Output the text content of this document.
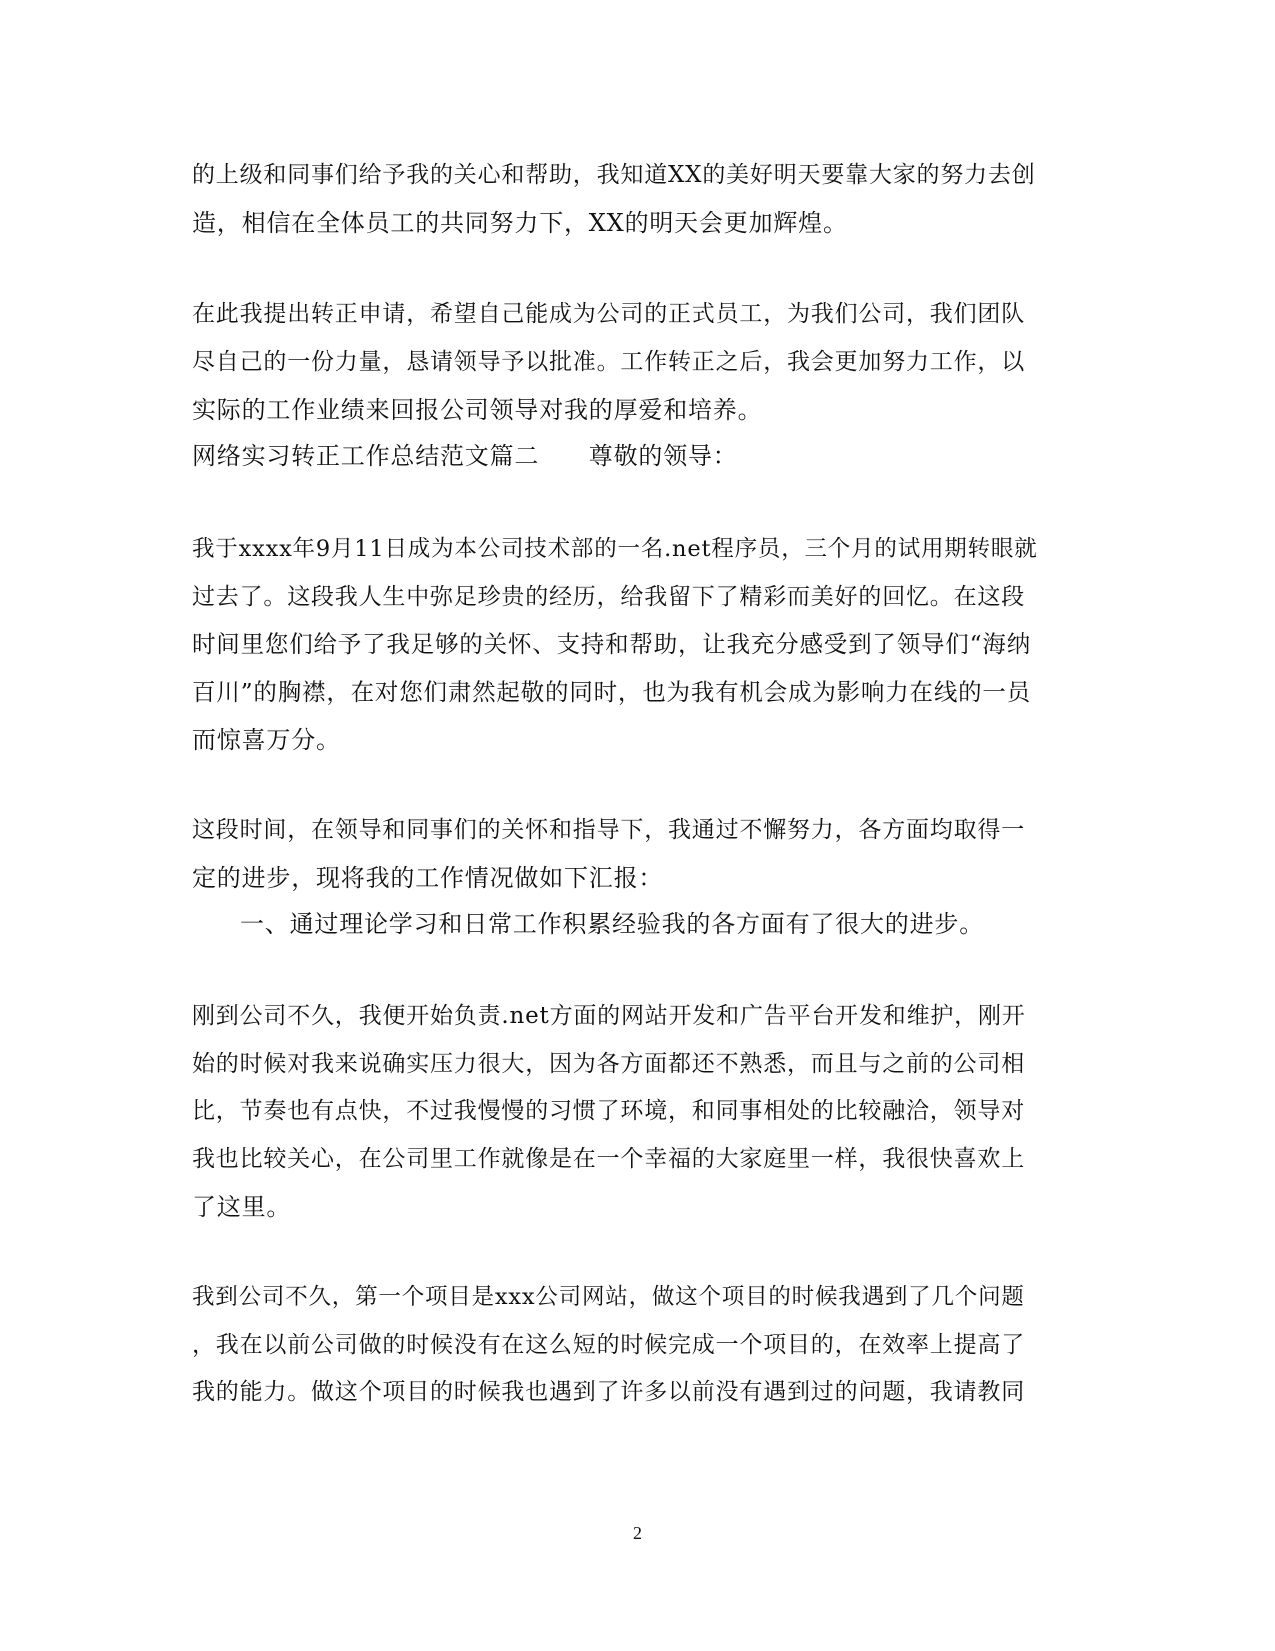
的上级和同事们给予我的关心和帮助，我知道XX的美好明天要靠大家的努力去创
造，相信在全体员工的共同努力下，XX的明天会更加辉煌。
在此我提出转正申请，希望自己能成为公司的正式员工，为我们公司，我们团队
尽自己的一份力量，恳请领导予以批准。工作转正之后，我会更加努力工作，以
实际的工作业绩来回报公司领导对我的厚爱和培养。
网络实习转正工作总结范文篇二　　尊敬的领导：
我于xxxx年9月11日成为本公司技术部的一名.net程序员，三个月的试用期转眼就
过去了。这段我人生中弥足珍贵的经历，给我留下了精彩而美好的回忆。在这段
时间里您们给予了我足够的关怀、支持和帮助，让我充分感受到了领导们“海纳
百川”的胸襟，在对您们肃然起敬的同时，也为我有机会成为影响力在线的一员
而惊喜万分。
这段时间，在领导和同事们的关怀和指导下，我通过不懈努力，各方面均取得一
定的进步，现将我的工作情况做如下汇报：
一、通过理论学习和日常工作积累经验我的各方面有了很大的进步。
刚到公司不久，我便开始负责.net方面的网站开发和广告平台开发和维护，刚开
始的时候对我来说确实压力很大，因为各方面都还不熟悉，而且与之前的公司相
比，节奏也有点快，不过我慢慢的习惯了环境，和同事相处的比较融洽，领导对
我也比较关心，在公司里工作就像是在一个幸福的大家庭里一样，我很快喜欢上
了这里。
我到公司不久，第一个项目是xxx公司网站，做这个项目的时候我遇到了几个问题
，我在以前公司做的时候没有在这么短的时候完成一个项目的，在效率上提高了
我的能力。做这个项目的时候我也遇到了许多以前没有遇到过的问题，我请教同
2
